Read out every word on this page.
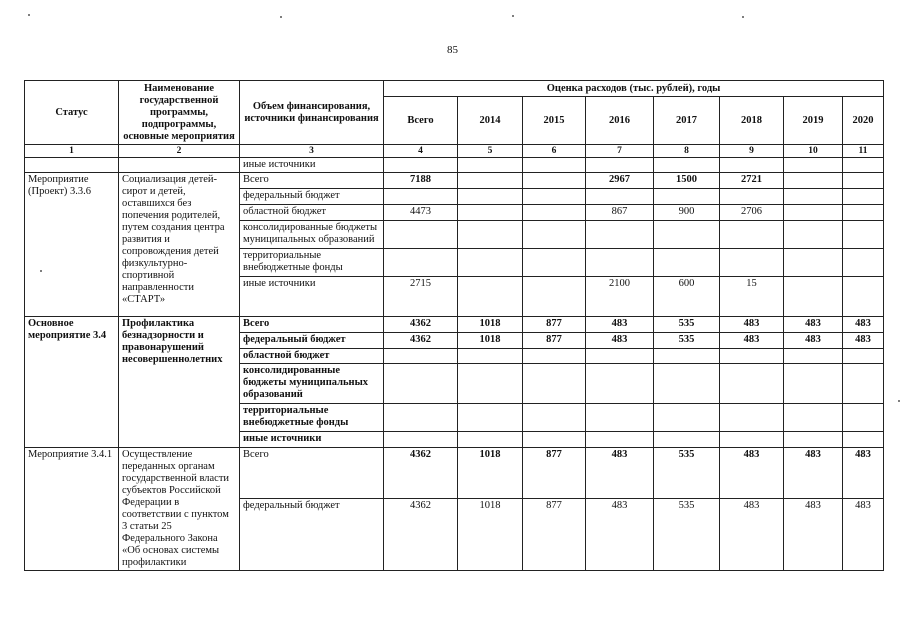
85
Статус	Наименование государственной программы, подпрограммы, основные мероприятия	Объем финансирования, источники финансирования	Оценка расходов (тыс. рублей), годы							
			Всего	2014	2015	2016	2017	2018	2019	2020
1	2	3	4	5	6	7	8	9	10	11
		иные источники								
Мероприятие (Проект) 3.3.6	Социализация детей-сирот и детей, оставшихся без попечения родителей, путем создания центра развития и сопровождения детей физкультурно-спортивной направленности «СТАРТ»	Всего	7188			2967	1500	2721		
		федеральный бюджет								
		областной бюджет	4473			867	900	2706		
		консолидированные бюджеты муниципальных образований								
		территориальные внебюджетные фонды								
		иные источники	2715			2100	600	15		
Основное мероприятие 3.4	Профилактика безнадзорности и правонарушений несовершеннолетних	Всего	4362	1018	877	483	535	483	483	483
		федеральный бюджет	4362	1018	877	483	535	483	483	483
		областной бюджет								
		консолидированные бюджеты муниципальных образований								
		территориальные внебюджетные фонды								
		иные источники								
Мероприятие 3.4.1	Осуществление переданных органам государственной власти субъектов Российской Федерации в соответствии с пунктом 3 статьи 25 Федерального Закона «Об основах системы профилактики	Всего	4362	1018	877	483	535	483	483	483
		федеральный бюджет	4362	1018	877	483	535	483	483	483
